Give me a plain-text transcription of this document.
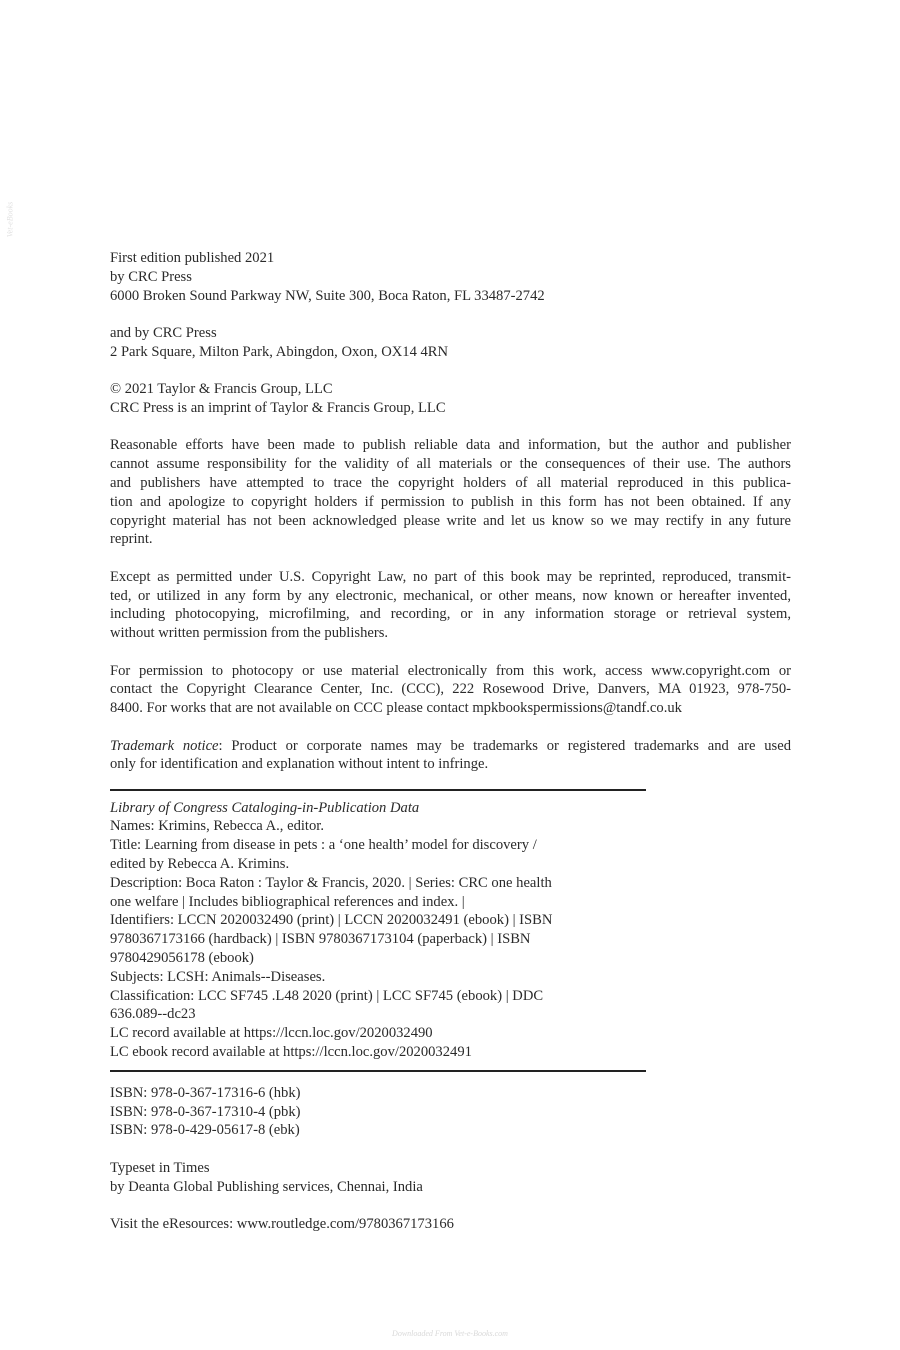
Vet-eBooks
First edition published 2021
by CRC Press
6000 Broken Sound Parkway NW, Suite 300, Boca Raton, FL 33487-2742
and by CRC Press
2 Park Square, Milton Park, Abingdon, Oxon, OX14 4RN
© 2021 Taylor & Francis Group, LLC
CRC Press is an imprint of Taylor & Francis Group, LLC
Reasonable efforts have been made to publish reliable data and information, but the author and publisher
cannot assume responsibility for the validity of all materials or the consequences of their use. The authors
and publishers have attempted to trace the copyright holders of all material reproduced in this publica-
tion and apologize to copyright holders if permission to publish in this form has not been obtained. If any
copyright material has not been acknowledged please write and let us know so we may rectify in any future
reprint.
Except as permitted under U.S. Copyright Law, no part of this book may be reprinted, reproduced, transmit-
ted, or utilized in any form by any electronic, mechanical, or other means, now known or hereafter invented,
including photocopying, microfilming, and recording, or in any information storage or retrieval system,
without written permission from the publishers.
For permission to photocopy or use material electronically from this work, access www.copyright.com or
contact the Copyright Clearance Center, Inc. (CCC), 222 Rosewood Drive, Danvers, MA 01923, 978-750-
8400. For works that are not available on CCC please contact mpkbookspermissions@tandf.co.uk
Trademark notice: Product or corporate names may be trademarks or registered trademarks and are used
only for identification and explanation without intent to infringe.
Library of Congress Cataloging-in-Publication Data
Names: Krimins, Rebecca A., editor.
Title: Learning from disease in pets : a ‘one health’ model for discovery /
edited by Rebecca A. Krimins.
Description: Boca Raton : Taylor & Francis, 2020. | Series: CRC one health
one welfare | Includes bibliographical references and index. |
Identifiers: LCCN 2020032490 (print) | LCCN 2020032491 (ebook) | ISBN
9780367173166 (hardback) | ISBN 9780367173104 (paperback) | ISBN
9780429056178 (ebook)
Subjects: LCSH: Animals--Diseases.
Classification: LCC SF745 .L48 2020 (print) | LCC SF745 (ebook) | DDC
636.089--dc23
LC record available at https://lccn.loc.gov/2020032490
LC ebook record available at https://lccn.loc.gov/2020032491
ISBN: 978-0-367-17316-6 (hbk)
ISBN: 978-0-367-17310-4 (pbk)
ISBN: 978-0-429-05617-8 (ebk)
Typeset in Times
by Deanta Global Publishing services, Chennai, India
Visit the eResources: www.routledge.com/9780367173166
Downloaded From Vet-e-Books.com
